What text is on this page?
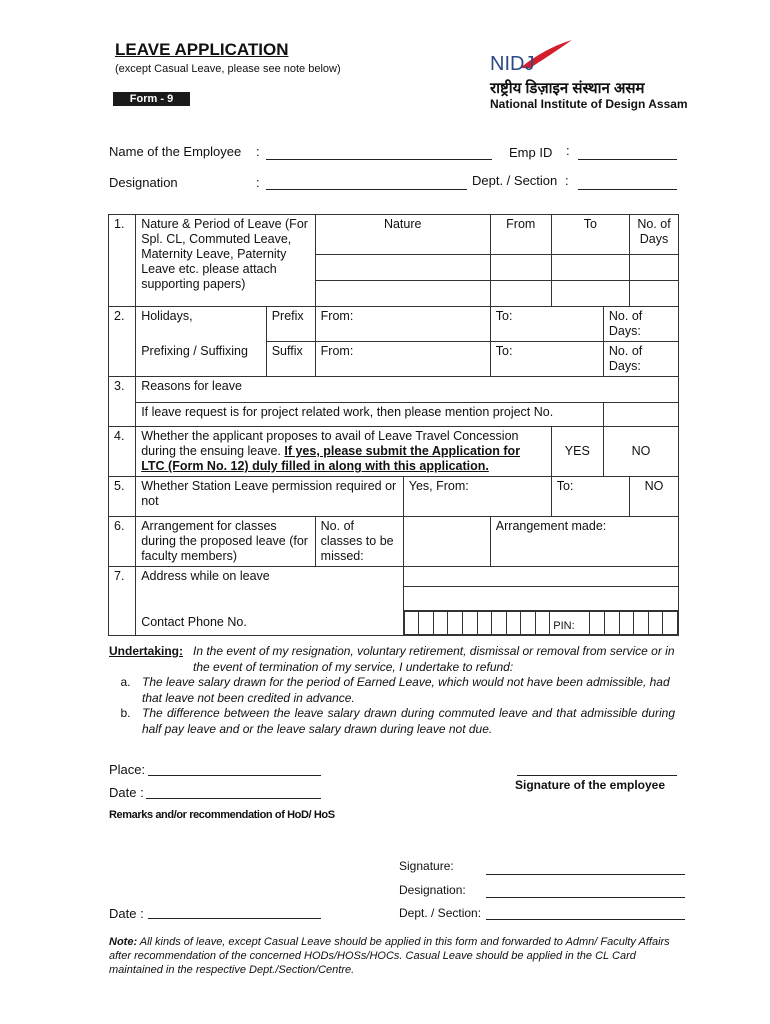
LEAVE APPLICATION
(except Casual Leave, please see note below)
Form - 9
NIDJ
राष्ट्रीय डिज़ाइन संस्थान असम
National Institute of Design Assam
Name of the Employee :	Emp ID :
Designation	:	Dept. / Section :
1.	Nature & Period of Leave (For Spl. CL, Commuted Leave, Maternity Leave, Paternity Leave etc. please attach supporting papers)	Nature	From	To	No. of Days

2.	Holidays,	Prefix	From:	To:	No. of Days:
Prefixing / Suffixing	Suffix	From:	To:	No. of Days:
3.	Reasons for leave
If leave request is for project related work, then please mention project No.	
4.	Whether the applicant proposes to avail of Leave Travel Concession during the ensuing leave. If yes, please submit the Application for LTC (Form No. 12) duly filled in along with this application.	YES	NO
5.	Whether Station Leave permission required or not	Yes, From:	To:	NO
6.	Arrangement for classes during the proposed leave (for faculty members)	No. of classes to be missed:		Arrangement made:
7.	Address while on leave	

Contact Phone No.	
											PIN:						
Undertaking: In the event of my resignation, voluntary retirement, dismissal or removal from service or in the event of termination of my service, I undertake to refund:
a. The leave salary drawn for the period of Earned Leave, which would not have been admissible, had that leave not been credited in advance.
b. The difference between the leave salary drawn during commuted leave and that admissible during half pay leave and or the leave salary drawn during leave not due.
Place:
Date :	Signature of the employee
Remarks and/or recommendation of HoD/ HoS
Signature:
Designation:
Dept. / Section:
Date :
Note: All kinds of leave, except Casual Leave should be applied in this form and forwarded to Admn/ Faculty Affairs after recommendation of the concerned HODs/HOSs/HOCs. Casual Leave should be applied in the CL Card maintained in the respective Dept./Section/Centre.
